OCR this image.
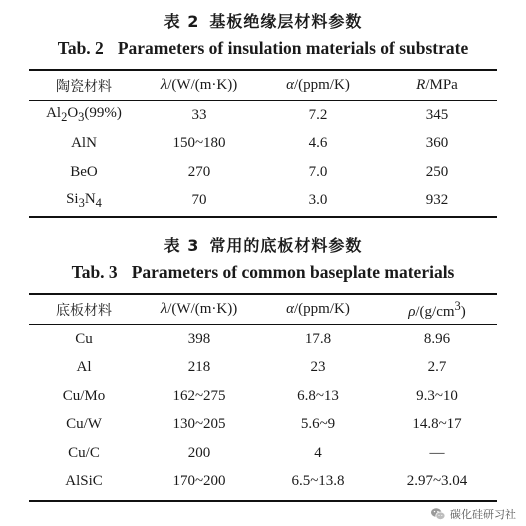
表 2 基板绝缘层材料参数
Tab. 2 Parameters of insulation materials of substrate
陶瓷材料	λ/(W/(m·K))	α/(ppm/K)	R/MPa
$Al_2O_3(99\%)$	33	7.2	345
AlN	150~180	4.6	360
BeO	270	7.0	250
$Si_3N_4$	70	3.0	932
表 3 常用的底板材料参数
Tab. 3 Parameters of common baseplate materials
底板材料	λ/(W/(m·K))	α/(ppm/K)	$\rho/(g/cm^3)$
Cu	398	17.8	8.96
Al	218	23	2.7
Cu/Mo	162~275	6.8~13	9.3~10
Cu/W	130~205	5.6~9	14.8~17
Cu/C	200	4	—
AlSiC	170~200	6.5~13.8	2.97~3.04
碳化硅研习社
